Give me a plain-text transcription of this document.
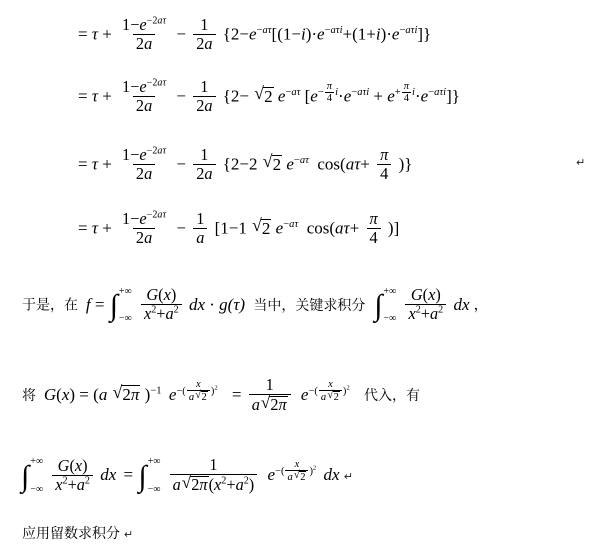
= $\tau + \frac{1-e^{-2a\tau}}{2a} - \frac{1}{2a} \{2-e^{-a\tau}[(1-i)\cdot e^{-a\tau i}+(1+i)\cdot e^{-a\tau i}]\}$
= $\tau + \frac{1-e^{-2a\tau}}{2a} - \frac{1}{2a} \{2-$ √ 2 $e^{-a\tau}$ $[e^{- \frac{\pi}{4} i}\cdot e^{-a\tau i} + e^{+ \frac{\pi}{4} i}\cdot e^{-a\tau i}]$}
= $\tau + \frac{1-e^{-2a\tau}}{2a} - \frac{1}{2a} \{2-2$ √ 2 $e^{-a\tau}$  $\cos(a\tau+ \frac{\pi}{4}$ )}
= $\tau + \frac{1-e^{-2a\tau}}{2a} - \frac{1}{a} [1-1$ √ 2 $e^{-a\tau}$  $\cos(a\tau+ \frac{\pi}{4}$ )]
↵
于是，在 f = ∫ +∞
−∞
$\frac{G(x)}{x^2+a^2}$ dx · g(τ) 当中，关键求积分 ∫ +∞
−∞
$\frac{G(x)}{x^2+a^2}$ dx ，
将 G(x) = (a √ 2π )$^{-1}$ $e^{-( \frac{x}{a √ 2} )^2} = \frac{1}{a √ 2\pi} e^{-( \frac{x}{a √ 2} )^2}$ 代入，有
∫ +∞
−∞
$\frac{G(x)}{x^2+a^2}$ dx = ∫ +∞
−∞
$\frac{1}{a √ 2\pi(x^2+a^2)} e^{-( \frac{x}{a √ 2} )^2}$ dx ↵
应用留数求积分 ↵
